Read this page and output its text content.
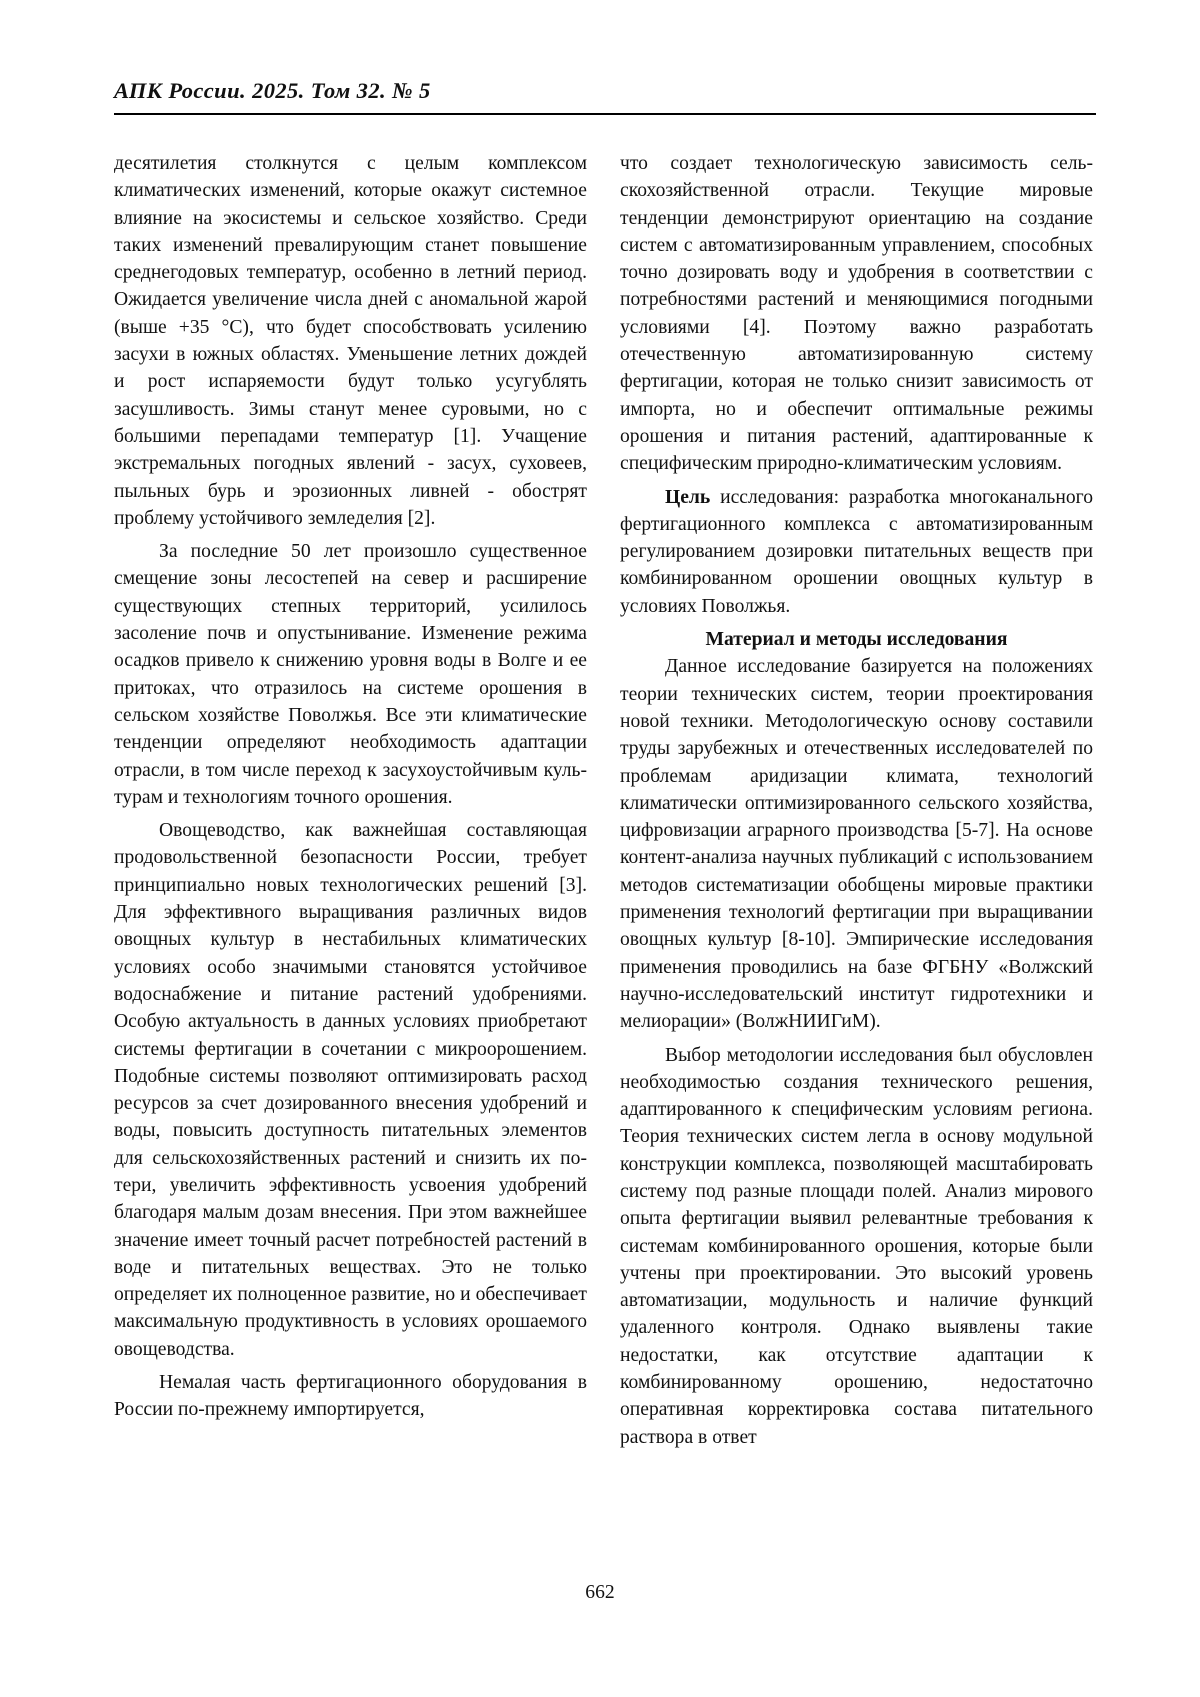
АПК России. 2025. Том 32. № 5

десятилетия столкнутся с целым комплексом климатических изменений, которые окажут системное влияние на экосистемы и сельское хозяйство. Среди таких изменений превалирующим станет повышение среднегодовых температур, особенно в летний период. Ожидается увеличение числа дней с аномальной жарой (выше +35 °С), что будет способствовать усилению засухи в южных областях. Уменьшение летних дождей и рост испаряемости будут только усугублять засушливость. Зимы станут менее суровыми, но с большими перепадами температур [1]. Учащение экстремальных погодных явлений - засух, суховеев, пыльных бурь и эрозионных ливней - обострят проблему устойчивого земледелия [2].

За последние 50 лет произошло существенное смещение зоны лесостепей на север и расширение существующих степных территорий, усилилось засоление почв и опустынивание. Изменение режима осадков привело к снижению уровня воды в Волге и ее притоках, что отразилось на системе орошения в сельском хозяйстве Поволжья. Все эти климатические тенденции определяют необходимость адаптации отрасли, в том числе переход к засухоустойчивым культурам и технологиям точного орошения.

Овощеводство, как важнейшая составляющая продовольственной безопасности России, требует принципиально новых технологических решений [3]. Для эффективного выращивания различных видов овощных культур в нестабильных климатических условиях особо значимыми становятся устойчивое водоснабжение и питание растений удобрениями. Особую актуальность в данных условиях приобретают системы фертигации в сочетании с микроорошением. Подобные системы позволяют оптимизировать расход ресурсов за счет дозированного внесения удобрений и воды, повысить доступность питательных элементов для сельскохозяйственных растений и снизить их потери, увеличить эффективность усвоения удобрений благодаря малым дозам внесения. При этом важнейшее значение имеет точный расчет потребностей растений в воде и питательных веществах. Это не только определяет их полноценное развитие, но и обеспечивает максимальную продуктивность в условиях орошаемого овощеводства.

Немалая часть фертигационного оборудования в России по-прежнему импортируется,

что создает технологическую зависимость сельскохозяйственной отрасли. Текущие мировые тенденции демонстрируют ориентацию на создание систем с автоматизированным управлением, способных точно дозировать воду и удобрения в соответствии с потребностями растений и меняющимися погодными условиями [4]. Поэтому важно разработать отечественную автоматизированную систему фертигации, которая не только снизит зависимость от импорта, но и обеспечит оптимальные режимы орошения и питания растений, адаптированные к специфическим природно-климатическим условиям.

Цель исследования: разработка многоканального фертигационного комплекса с автоматизированным регулированием дозировки питательных веществ при комбинированном орошении овощных культур в условиях Поволжья.

Материал и методы исследования

Данное исследование базируется на положениях теории технических систем, теории проектирования новой техники. Методологическую основу составили труды зарубежных и отечественных исследователей по проблемам аридизации климата, технологий климатически оптимизированного сельского хозяйства, цифровизации аграрного производства [5-7]. На основе контент-анализа научных публикаций с использованием методов систематизации обобщены мировые практики применения технологий фертигации при выращивании овощных культур [8-10]. Эмпирические исследования применения проводились на базе ФГБНУ «Волжский научно-исследовательский институт гидротехники и мелиорации» (ВолжНИИГиМ).

Выбор методологии исследования был обусловлен необходимостью создания технического решения, адаптированного к специфическим условиям региона. Теория технических систем легла в основу модульной конструкции комплекса, позволяющей масштабировать систему под разные площади полей. Анализ мирового опыта фертигации выявил релевантные требования к системам комбинированного орошения, которые были учтены при проектировании. Это высокий уровень автоматизации, модульность и наличие функций удаленного контроля. Однако выявлены такие недостатки, как отсутствие адаптации к комбинированному орошению, недостаточно оперативная корректировка состава питательного раствора в ответ

662
